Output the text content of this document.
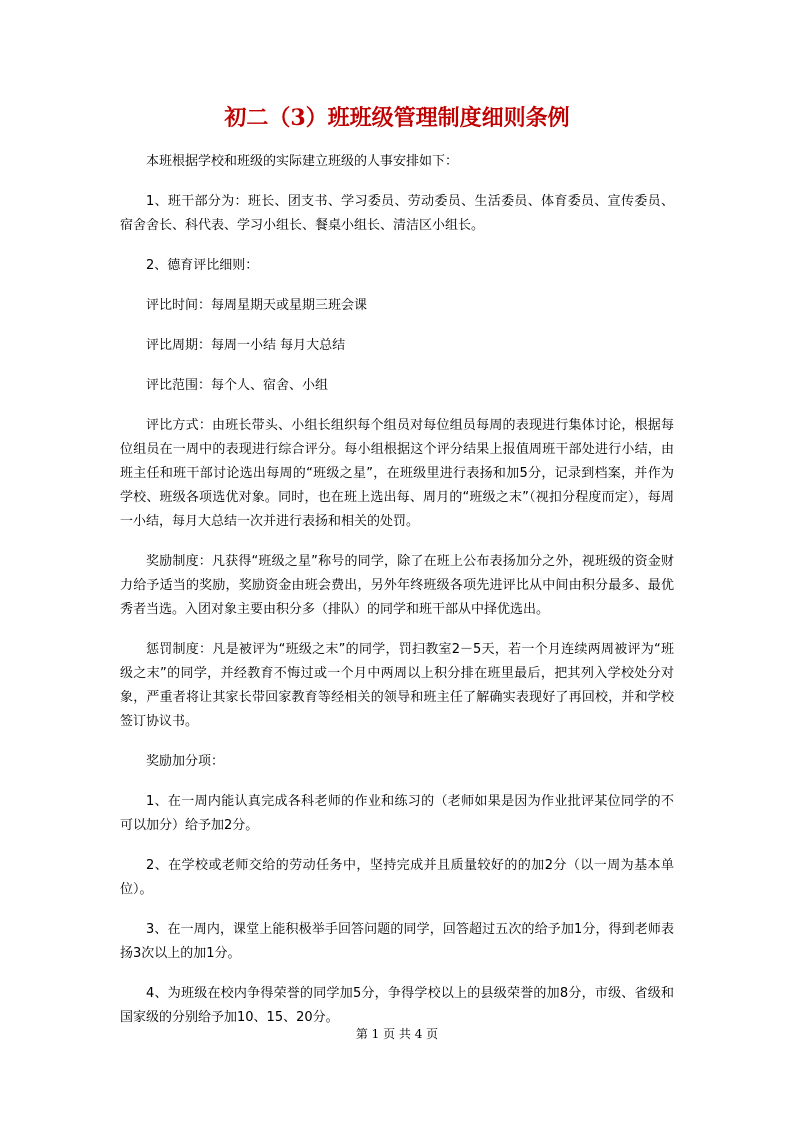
初二（3）班班级管理制度细则条例

本班根据学校和班级的实际建立班级的人事安排如下：

1、班干部分为：班长、团支书、学习委员、劳动委员、生活委员、体育委员、宣传委员、宿舍舍长、科代表、学习小组长、餐桌小组长、清洁区小组长。

2、德育评比细则：

评比时间：每周星期天或星期三班会课

评比周期：每周一小结 每月大总结

评比范围：每个人、宿舍、小组

评比方式：由班长带头、小组长组织每个组员对每位组员每周的表现进行集体讨论，根据每位组员在一周中的表现进行综合评分。每小组根据这个评分结果上报值周班干部处进行小结，由班主任和班干部讨论选出每周的“班级之星”，在班级里进行表扬和加5分，记录到档案，并作为学校、班级各项选优对象。同时，也在班上选出每、周月的“班级之末”（视扣分程度而定），每周一小结，每月大总结一次并进行表扬和相关的处罚。

奖励制度：凡获得“班级之星”称号的同学，除了在班上公布表扬加分之外，视班级的资金财力给予适当的奖励，奖励资金由班会费出，另外年终班级各项先进评比从中间由积分最多、最优秀者当选。入团对象主要由积分多（排队）的同学和班干部从中择优选出。

惩罚制度：凡是被评为“班级之末”的同学，罚扫教室2－5天，若一个月连续两周被评为“班级之末”的同学，并经教育不悔过或一个月中两周以上积分排在班里最后，把其列入学校处分对象，严重者将让其家长带回家教育等经相关的领导和班主任了解确实表现好了再回校，并和学校签订协议书。

奖励加分项：

1、在一周内能认真完成各科老师的作业和练习的（老师如果是因为作业批评某位同学的不可以加分）给予加2分。

2、在学校或老师交给的劳动任务中，坚持完成并且质量较好的的加2分（以一周为基本单位）。

3、在一周内，课堂上能积极举手回答问题的同学，回答超过五次的给予加1分，得到老师表扬3次以上的加1分。

4、为班级在校内争得荣誉的同学加5分，争得学校以上的县级荣誉的加8分，市级、省级和国家级的分别给予加10、15、20分。

第 1 页 共 4 页
